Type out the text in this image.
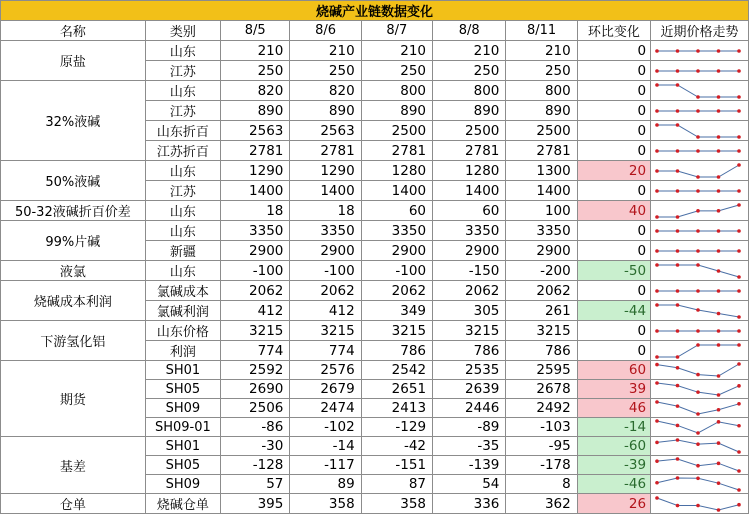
烧碱产业链数据变化								
名称	类别	8/5	8/6	8/7	8/8	8/11	环比变化	近期价格走势
原盐	山东	210	210	210	210	210	0	

	江苏	250	250	250	250	250	0	

32%液碱	山东	820	820	800	800	800	0	

	江苏	890	890	890	890	890	0	

	山东折百	2563	2563	2500	2500	2500	0	

	江苏折百	2781	2781	2781	2781	2781	0	

50%液碱	山东	1290	1290	1280	1280	1300	20	

	江苏	1400	1400	1400	1400	1400	0	

50-32液碱折百价差	山东	18	18	60	60	100	40	

99%片碱	山东	3350	3350	3350	3350	3350	0	

	新疆	2900	2900	2900	2900	2900	0	

液氯	山东	-100	-100	-100	-150	-200	-50	

烧碱成本利润	氯碱成本	2062	2062	2062	2062	2062	0	

	氯碱利润	412	412	349	305	261	-44	

下游氢化铝	山东价格	3215	3215	3215	3215	3215	0	

	利润	774	774	786	786	786	0	

期货	SH01	2592	2576	2542	2535	2595	60	

	SH05	2690	2679	2651	2639	2678	39	

	SH09	2506	2474	2413	2446	2492	46	

	SH09-01	-86	-102	-129	-89	-103	-14	

基差	SH01	-30	-14	-42	-35	-95	-60	

	SH05	-128	-117	-151	-139	-178	-39	

	SH09	57	89	87	54	8	-46	

仓单	烧碱仓单	395	358	358	336	362	26	
